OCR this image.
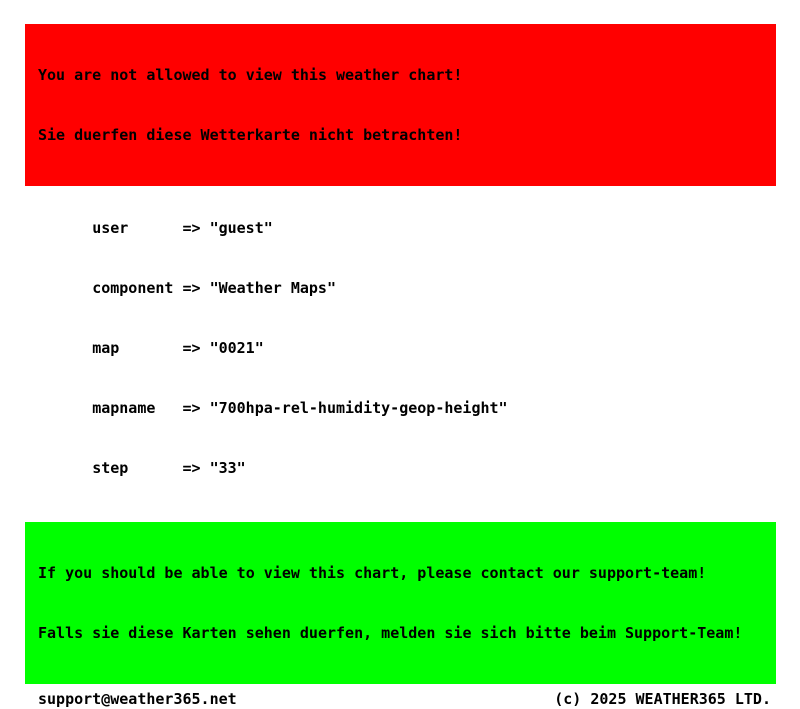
You are not allowed to view this weather chart!

Sie duerfen diese Wetterkarte nicht betrachten!

user	=> "guest"

component => "Weather Maps"

map	=> "0021"

mapname => "700hpa-rel-humidity-geop-height"

step	=> "33"

If you should be able to view this chart, please contact our support-team!

Falls sie diese Karten sehen duerfen, melden sie sich bitte beim Support-Team!

support@weather365.net	(c) 2025 WEATHER365 LTD.
